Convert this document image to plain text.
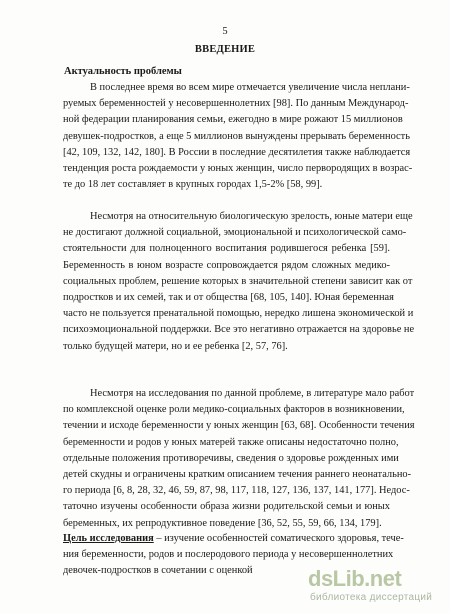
5
ВВЕДЕНИЕ
Актуальность проблемы
В последнее время во всем мире отмечается увеличение числа неплани-
руемых беременностей у несовершеннолетних [98]. По данным Международ-
ной федерации планирования семьи, ежегодно в мире рожают 15 миллионов
девушек-подростков, а еще 5 миллионов вынуждены прерывать беременность
[42, 109, 132, 142, 180]. В России в последние десятилетия также наблюдается
тенденция роста рождаемости у юных женщин, число первородящих в возрас-
те до 18 лет составляет в крупных городах 1,5-2% [58, 99].
Несмотря на относительную биологическую зрелость, юные матери еще
не достигают должной социальной, эмоциональной и психологической само-
стоятельности для полноценного воспитания родившегося ребенка [59].
Беременность в юном возрасте сопровождается рядом сложных медико-
социальных проблем, решение которых в значительной степени зависит как от
подростков и их семей, так и от общества [68, 105, 140]. Юная беременная
часто не пользуется пренатальной помощью, нередко лишена экономической и
психоэмоциональной поддержки. Все это негативно отражается на здоровье не
только будущей матери, но и ее ребенка [2, 57, 76].
Несмотря на исследования по данной проблеме, в литературе мало работ
по комплексной оценке роли медико-социальных факторов в возникновении,
течении и исходе беременности у юных женщин [63, 68]. Особенности течения
беременности и родов у юных матерей также описаны недостаточно полно,
отдельные положения противоречивы, сведения о здоровье рожденных ими
детей скудны и ограничены кратким описанием течения раннего неонатально-
го периода [6, 8, 28, 32, 46, 59, 87, 98, 117, 118, 127, 136, 137, 141, 177]. Недос-
таточно изучены особенности образа жизни родительской семьи и юных
беременных, их репродуктивное поведение [36, 52, 55, 59, 66, 134, 179].
Цель исследования – изучение особенностей соматического здоровья, тече-
ния беременности, родов и послеродового периода у несовершеннолетних
девочек-подростков в сочетании с оценкой	dsLib.net
библиотека диссертаций
